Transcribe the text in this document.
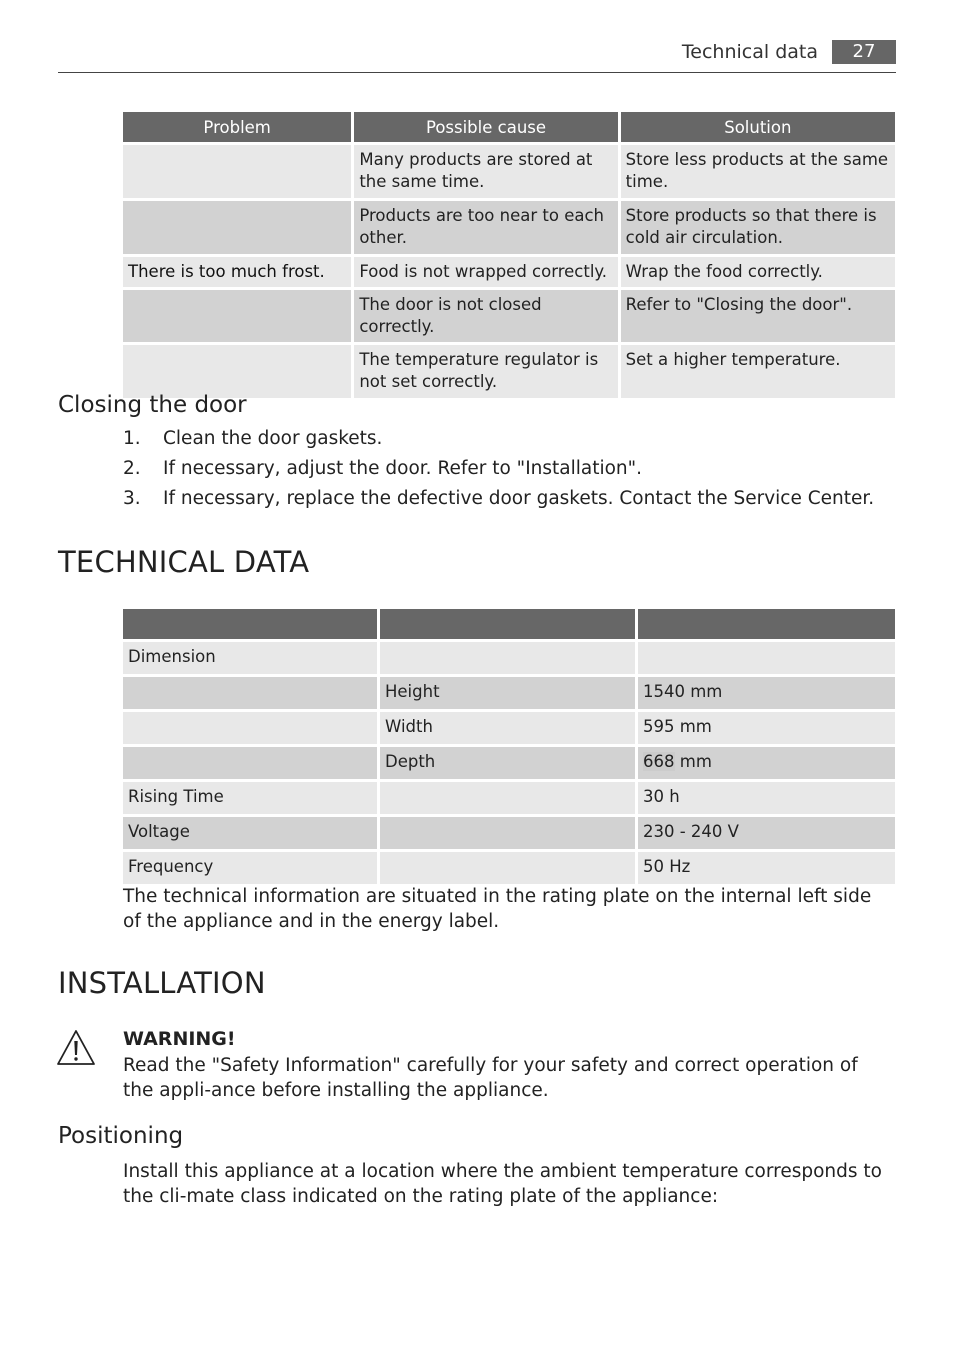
Technical data	27
Problem	Possible cause	Solution
	Many products are stored at the same time.	Store less products at the same time.
	Products are too near to each other.	Store products so that there is cold air circulation.
There is too much frost.	Food is not wrapped correctly.	Wrap the food correctly.
	The door is not closed correctly.	Refer to "Closing the door".
	The temperature regulator is not set correctly.	Set a higher temperature.
Closing the door
1.	Clean the door gaskets.
2.	If necessary, adjust the door. Refer to "Installation".
3.	If necessary, replace the defective door gaskets. Contact the Service Center.
TECHNICAL DATA

Dimension		
	Height	1540 mm
	Width	595 mm
	Depth	668 mm
Rising Time		30 h
Voltage		230 - 240 V
Frequency		50 Hz

The technical information are situated in the rating plate on the internal left side of the appliance and in the energy label.

INSTALLATION
WARNING!

Read the "Safety Information" carefully for your safety and correct operation of the appli-ance before installing the appliance.

Positioning

Install this appliance at a location where the ambient temperature corresponds to the cli-mate class indicated on the rating plate of the appliance:
